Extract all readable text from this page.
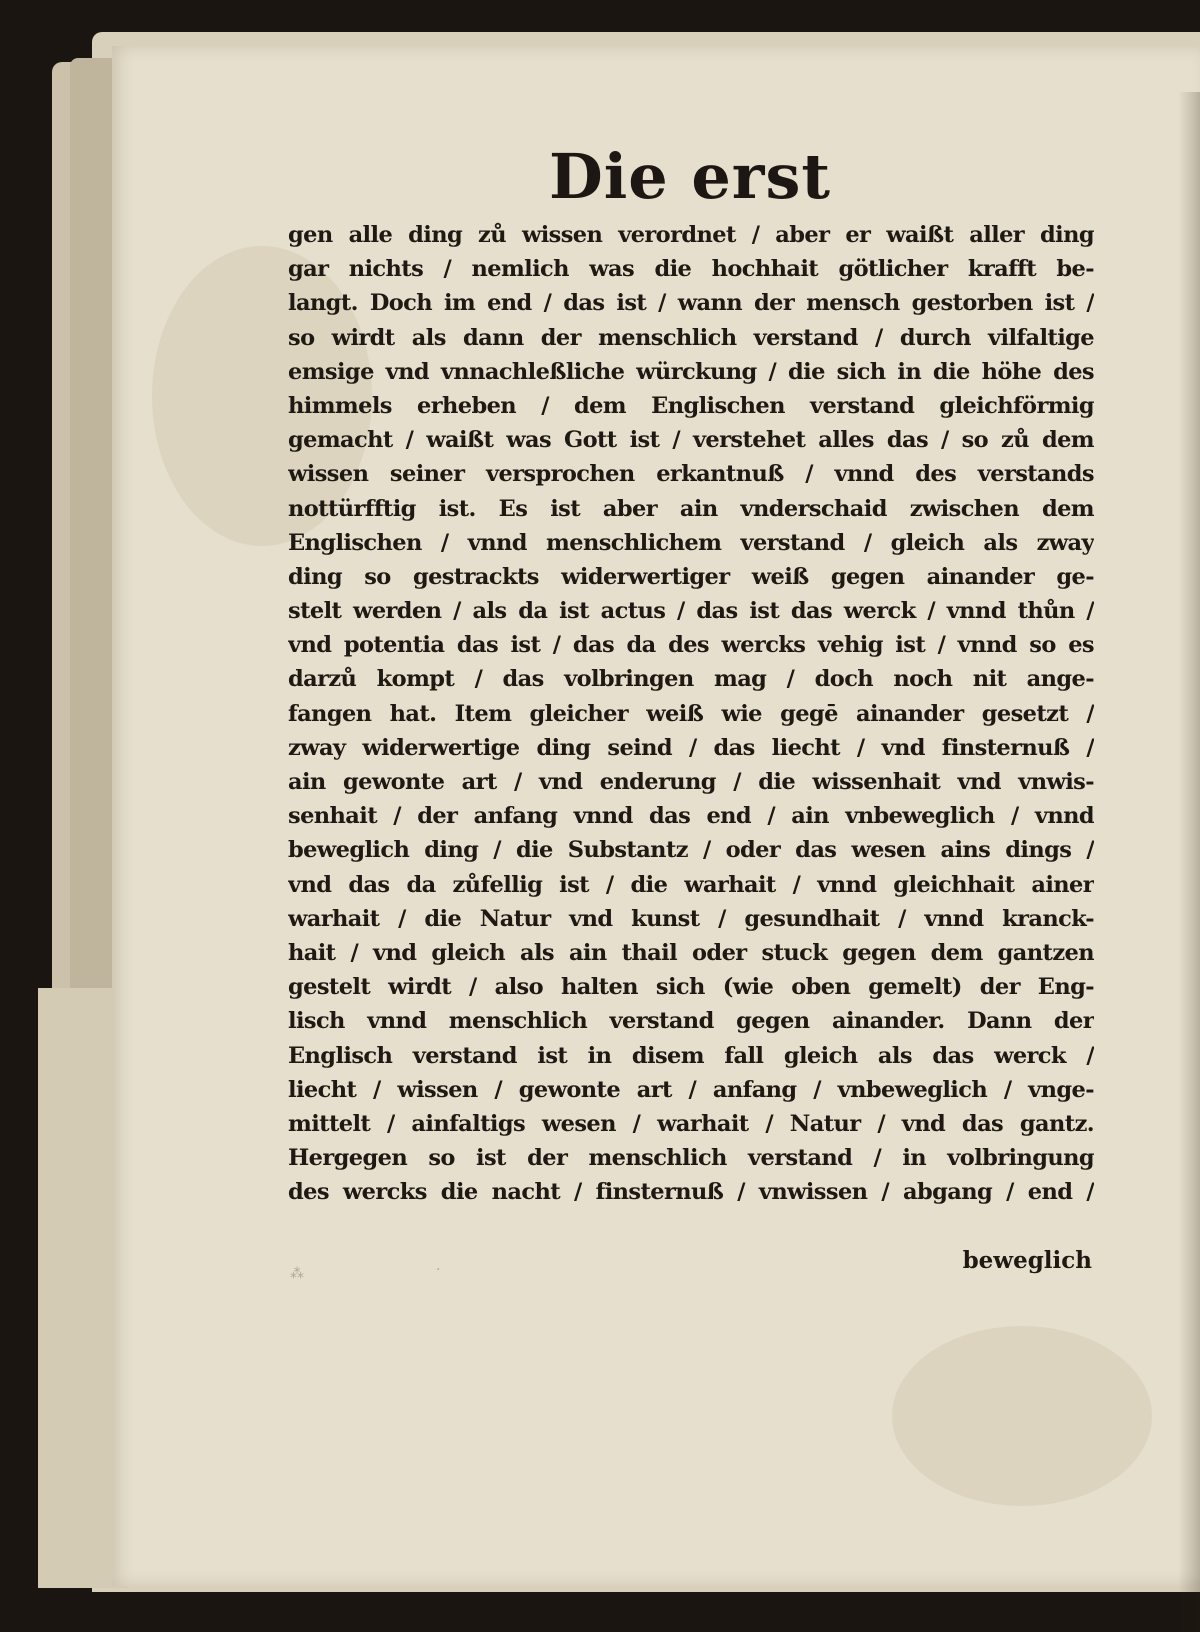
Die erst
gen alle ding zů wissen verordnet / aber er waißt aller ding
gar nichts / nemlich was die hochhait götlicher krafft be-
langt. Doch im end / das ist / wann der mensch gestorben ist /
so wirdt als dann der menschlich verstand / durch vilfaltige
emsige vnd vnnachleßliche würckung / die sich in die höhe des
himmels erheben / dem Englischen verstand gleichförmig
gemacht / waißt was Gott ist / verstehet alles das / so zů dem
wissen seiner versprochen erkantnuß / vnnd des verstands
nottürfftig ist. Es ist aber ain vnderschaid zwischen dem
Englischen / vnnd menschlichem verstand / gleich als zway
ding so gestrackts widerwertiger weiß gegen ainander ge-
stelt werden / als da ist actus / das ist das werck / vnnd thůn /
vnd potentia das ist / das da des wercks vehig ist / vnnd so es
darzů kompt / das volbringen mag / doch noch nit ange-
fangen hat. Item gleicher weiß wie gegē ainander gesetzt /
zway widerwertige ding seind / das liecht / vnd finsternuß /
ain gewonte art / vnd enderung / die wissenhait vnd vnwis-
senhait / der anfang vnnd das end / ain vnbeweglich / vnnd
beweglich ding / die Substantz / oder das wesen ains dings /
vnd das da zůfellig ist / die warhait / vnnd gleichhait ainer
warhait / die Natur vnd kunst / gesundhait / vnnd kranck-
hait / vnd gleich als ain thail oder stuck gegen dem gantzen
gestelt wirdt / also halten sich (wie oben gemelt) der Eng-
lisch vnnd menschlich verstand gegen ainander. Dann der
Englisch verstand ist in disem fall gleich als das werck /
liecht / wissen / gewonte art / anfang / vnbeweglich / vnge-
mittelt / ainfaltigs wesen / warhait / Natur / vnd das gantz.
Hergegen so ist der menschlich verstand / in volbringung
des wercks die nacht / finsternuß / vnwissen / abgang / end /
beweglich
⁂	·
